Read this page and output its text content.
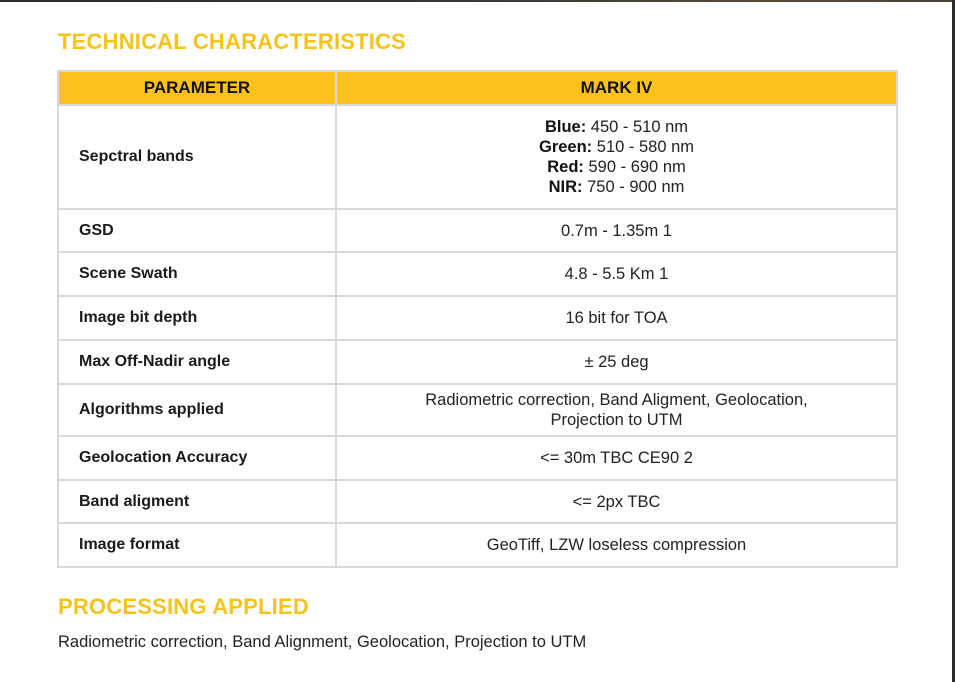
TECHNICAL CHARACTERISTICS
PARAMETER	MARK IV
Sepctral bands	Blue: 450 - 510 nm
Green: 510 - 580 nm
Red: 590 - 690 nm
NIR: 750 - 900 nm

GSD	0.7m - 1.35m 1
Scene Swath	4.8 - 5.5 Km 1
Image bit depth	16 bit for TOA
Max Off-Nadir angle	± 25 deg
Algorithms applied	Radiometric correction, Band Aligment, Geolocation,
Projection to UTM

Geolocation Accuracy	<= 30m TBC CE90 2
Band aligment	<= 2px TBC
Image format	GeoTiff, LZW loseless compression
PROCESSING APPLIED
Radiometric correction, Band Alignment, Geolocation, Projection to UTM
